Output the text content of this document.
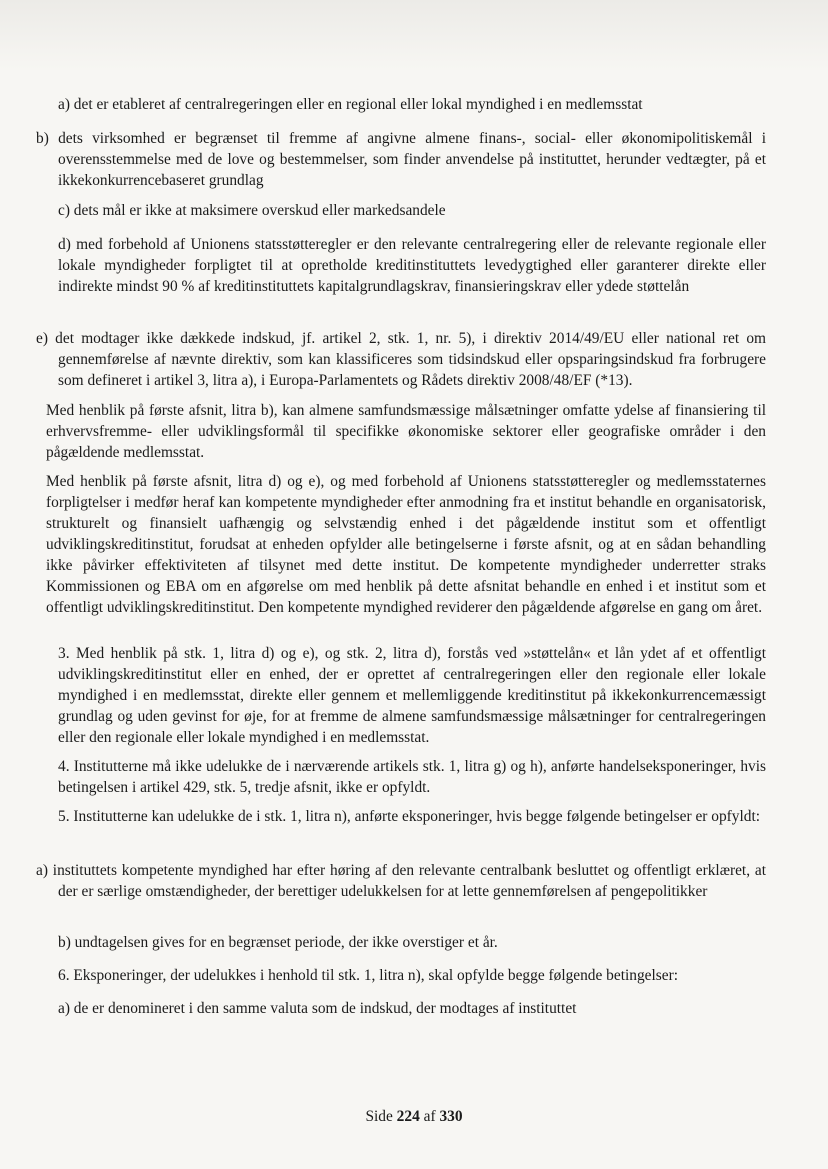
a) det er etableret af centralregeringen eller en regional eller lokal myndighed i en medlemsstat

b) dets virksomhed er begrænset til fremme af angivne almene finans-, social- eller økonomipolitiskemål i overensstemmelse med de love og bestemmelser, som finder anvendelse på instituttet, herunder vedtægter, på et ikkekonkurrencebaseret grundlag

c) dets mål er ikke at maksimere overskud eller markedsandele

d) med forbehold af Unionens statsstøtteregler er den relevante centralregering eller de relevante regionale eller lokale myndigheder forpligtet til at opretholde kreditinstituttets levedygtighed eller garanterer direkte eller indirekte mindst 90 % af kreditinstituttets kapitalgrundlagskrav, finansieringskrav eller ydede støttelån

e) det modtager ikke dækkede indskud, jf. artikel 2, stk. 1, nr. 5), i direktiv 2014/49/EU eller national ret om gennemførelse af nævnte direktiv, som kan klassificeres som tidsindskud eller opsparingsindskud fra forbrugere som defineret i artikel 3, litra a), i Europa-Parlamentets og Rådets direktiv 2008/48/EF (*13).

Med henblik på første afsnit, litra b), kan almene samfundsmæssige målsætninger omfatte ydelse af finansiering til erhvervsfremme- eller udviklingsformål til specifikke økonomiske sektorer eller geografiske områder i den pågældende medlemsstat.

Med henblik på første afsnit, litra d) og e), og med forbehold af Unionens statsstøtteregler og medlemsstaternes forpligtelser i medfør heraf kan kompetente myndigheder efter anmodning fra et institut behandle en organisatorisk, strukturelt og finansielt uafhængig og selvstændig enhed i det pågældende institut som et offentligt udviklingskreditinstitut, forudsat at enheden opfylder alle betingelserne i første afsnit, og at en sådan behandling ikke påvirker effektiviteten af tilsynet med dette institut. De kompetente myndigheder underretter straks Kommissionen og EBA om en afgørelse om med henblik på dette afsnitat behandle en enhed i et institut som et offentligt udviklingskreditinstitut. Den kompetente myndighed reviderer den pågældende afgørelse en gang om året.

3. Med henblik på stk. 1, litra d) og e), og stk. 2, litra d), forstås ved »støttelån« et lån ydet af et offentligt udviklingskreditinstitut eller en enhed, der er oprettet af centralregeringen eller den regionale eller lokale myndighed i en medlemsstat, direkte eller gennem et mellemliggende kreditinstitut på ikkekonkurrencemæssigt grundlag og uden gevinst for øje, for at fremme de almene samfundsmæssige målsætninger for centralregeringen eller den regionale eller lokale myndighed i en medlemsstat.

4. Institutterne må ikke udelukke de i nærværende artikels stk. 1, litra g) og h), anførte handelseksponeringer, hvis betingelsen i artikel 429, stk. 5, tredje afsnit, ikke er opfyldt.

5. Institutterne kan udelukke de i stk. 1, litra n), anførte eksponeringer, hvis begge følgende betingelser er opfyldt:

a) instituttets kompetente myndighed har efter høring af den relevante centralbank besluttet og offentligt erklæret, at der er særlige omstændigheder, der berettiger udelukkelsen for at lette gennemførelsen af pengepolitikker

b) undtagelsen gives for en begrænset periode, der ikke overstiger et år.

6. Eksponeringer, der udelukkes i henhold til stk. 1, litra n), skal opfylde begge følgende betingelser:

a) de er denomineret i den samme valuta som de indskud, der modtages af instituttet

Side 224 af 330
